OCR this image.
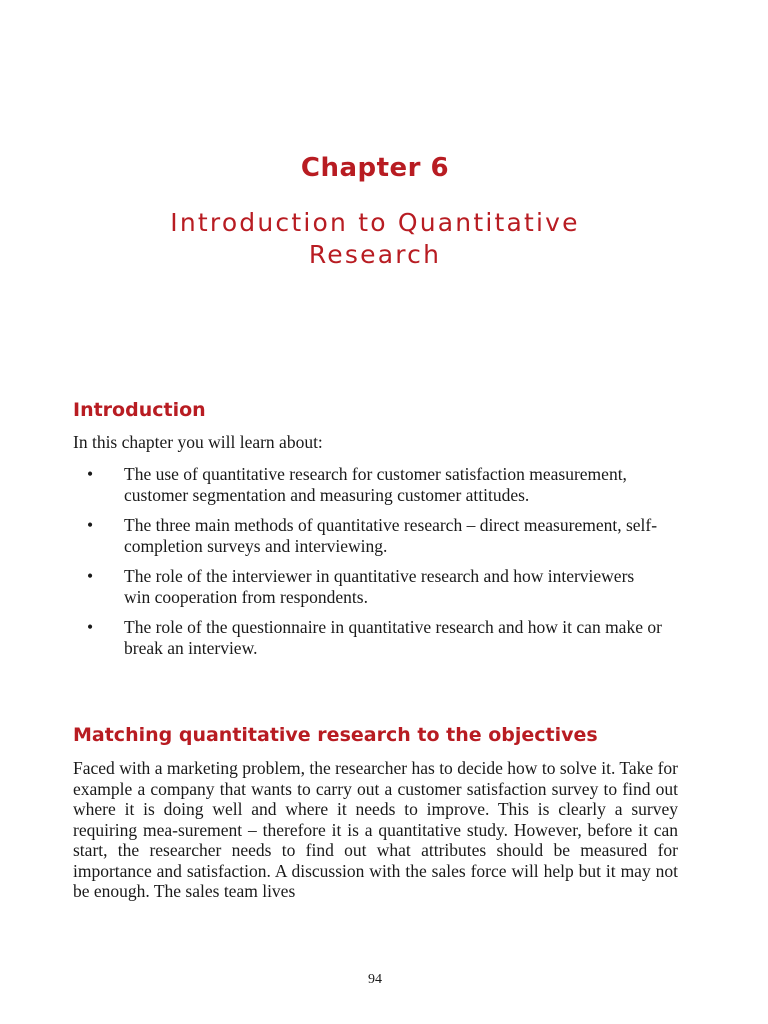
Chapter 6
Introduction to Quantitative
Research
Introduction

In this chapter you will learn about:

• The use of quantitative research for customer satisfaction measurement, customer segmentation and measuring customer attitudes.
• The three main methods of quantitative research – direct measurement, self-completion surveys and interviewing.
• The role of the interviewer in quantitative research and how interviewers win cooperation from respondents.
• The role of the questionnaire in quantitative research and how it can make or break an interview.
Matching quantitative research to the objectives

Faced with a marketing problem, the researcher has to decide how to solve it. Take for example a company that wants to carry out a customer satisfaction survey to find out where it is doing well and where it needs to improve. This is clearly a survey requiring mea-surement – therefore it is a quantitative study. However, before it can start, the researcher needs to find out what attributes should be measured for importance and satisfaction. A discussion with the sales force will help but it may not be enough. The sales team lives

94
